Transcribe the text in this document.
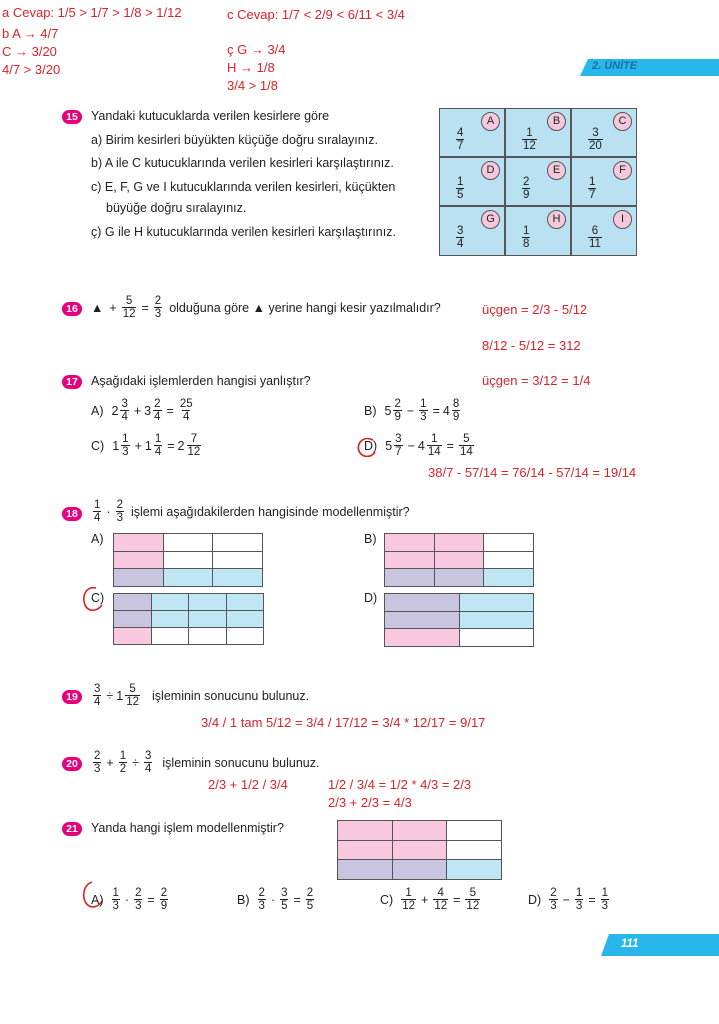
a Cevap: 1/5 > 1/7 > 1/8 > 1/12
b A → 4/7
C → 3/20
4/7 > 3/20
c Cevap: 1/7 < 2/9 < 6/11 < 3/4
ç G → 3/4
H → 1/8
3/4 > 1/8
2. ÜNİTE
15	Yandaki kutucuklarda verilen kesirlere göre
a) Birim kesirleri büyükten küçüğe doğru sıralayınız.
b) A ile C kutucuklarında verilen kesirleri karşılaştırınız.
c) E, F, G ve I kutucuklarında verilen kesirleri, küçükten
büyüğe doğru sıralayınız.
ç) G ile H kutucuklarında verilen kesirleri karşılaştırınız.
A
$\frac{4}{7}$
B
$\frac{1}{12}$
C
$\frac{3}{20}$
D
$\frac{1}{5}$
E
$\frac{2}{9}$
F
$\frac{1}{7}$
G
$\frac{3}{4}$
H
$\frac{1}{8}$
I
$\frac{6}{11}$
16	▲ + $\frac{5}{12} = \frac{2}{3}$ olduğuna göre ▲ yerine hangi kesir yazılmalıdır?	üçgen = 2/3 - 5/12
8/12 - 5/12 = 312
üçgen = 3/12 = 1/4
17	Aşağıdaki işlemlerden hangisi yanlıştır?
A) $2 \frac{3}{4} + 3 \frac{2}{4} = \frac{25}{4}$	B) $5 \frac{2}{9} - \frac{1}{3} = 4 \frac{8}{9}$
C) $1 \frac{1}{3} + 1 \frac{1}{4} = 2 \frac{7}{12}$	D) $5 \frac{3}{7} - 4 \frac{1}{14} = \frac{5}{14}$
38/7 - 57/14 = 76/14 - 57/14 = 19/14
18	$\frac{1}{4} \cdot \frac{2}{3}$ işlemi aşağıdakilerden hangisinde modellenmiştir?
A)

			B)

C)

				D)

19	$\frac{3}{4} \div 1 \frac{5}{12}$ işleminin sonucunu bulunuz.
3/4 / 1 tam 5/12 = 3/4 / 17/12 = 3/4 * 12/17 = 9/17
20	$\frac{2}{3} + \frac{1}{2} \div \frac{3}{4}$ işleminin sonucunu bulunuz.
2/3 + 1/2 / 3/4	1/2 / 3/4 = 1/2 * 4/3 = 2/3
2/3 + 2/3 = 4/3
21	Yanda hangi işlem modellenmiştir?

$A) \frac{1}{3} \cdot \frac{2}{3} = \frac{2}{9}$	$B) \frac{2}{3} \cdot \frac{3}{5} = \frac{2}{5}$	$C) \frac{1}{12} + \frac{4}{12} = \frac{5}{12}$	$D) \frac{2}{3} - \frac{1}{3} = \frac{1}{3}$
111
